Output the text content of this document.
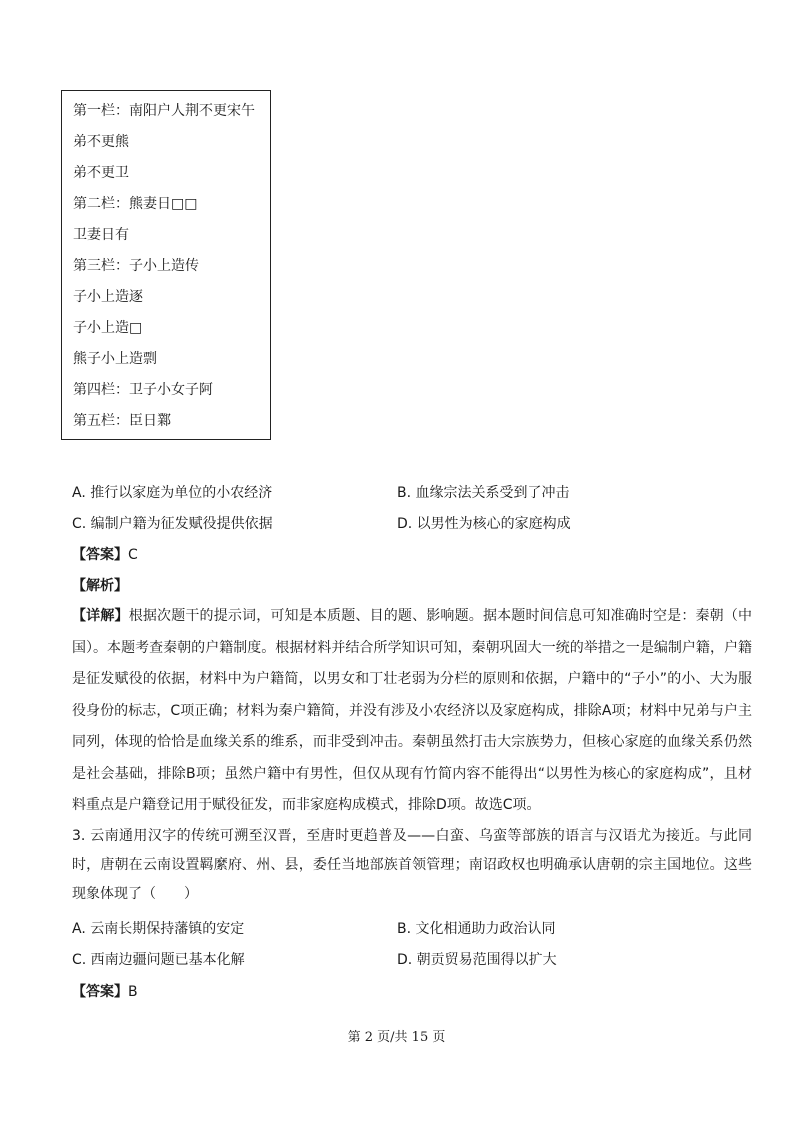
第一栏：南阳户人荆不更宋午
弟不更熊
弟不更卫
第二栏：熊妻日□□
卫妻日有
第三栏：子小上造传
子小上造逐
子小上造□
熊子小上造剽
第四栏：卫子小女子阿
第五栏：臣日鄴
A. 推行以家庭为单位的小农经济	B. 血缘宗法关系受到了冲击
C. 编制户籍为征发赋役提供依据	D. 以男性为核心的家庭构成
【答案】C
【解析】
【详解】根据次题干的提示词，可知是本质题、目的题、影响题。据本题时间信息可知准确时空是：秦朝（中国）。本题考查秦朝的户籍制度。根据材料并结合所学知识可知，秦朝巩固大一统的举措之一是编制户籍，户籍是征发赋役的依据，材料中为户籍简，以男女和丁壮老弱为分栏的原则和依据，户籍中的“子小”的小、大为服役身份的标志，C项正确；材料为秦户籍简，并没有涉及小农经济以及家庭构成，排除A项；材料中兄弟与户主同列，体现的恰恰是血缘关系的维系，而非受到冲击。秦朝虽然打击大宗族势力，但核心家庭的血缘关系仍然是社会基础，排除B项；虽然户籍中有男性，但仅从现有竹简内容不能得出“以男性为核心的家庭构成”，且材料重点是户籍登记用于赋役征发，而非家庭构成模式，排除D项。故选C项。
3. 云南通用汉字的传统可溯至汉晋，至唐时更趋普及——白蛮、乌蛮等部族的语言与汉语尤为接近。与此同时，唐朝在云南设置羁縻府、州、县，委任当地部族首领管理；南诏政权也明确承认唐朝的宗主国地位。这些现象体现了（　　）
A. 云南长期保持藩镇的安定	B. 文化相通助力政治认同
C. 西南边疆问题已基本化解	D. 朝贡贸易范围得以扩大
【答案】B
第 2 页/共 15 页
